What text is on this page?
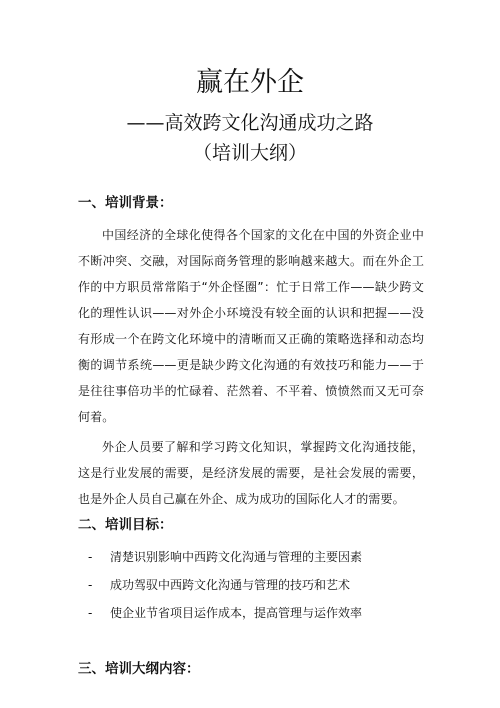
赢在外企
——高效跨文化沟通成功之路
（培训大纲）
一、培训背景：

中国经济的全球化使得各个国家的文化在中国的外资企业中不断冲突、交融，对国际商务管理的影响越来越大。而在外企工作的中方职员常常陷于“外企怪圈”：忙于日常工作——缺少跨文化的理性认识——对外企小环境没有较全面的认识和把握——没有形成一个在跨文化环境中的清晰而又正确的策略选择和动态均衡的调节系统——更是缺少跨文化沟通的有效技巧和能力——于是往往事倍功半的忙碌着、茫然着、不平着、愤愤然而又无可奈何着。

外企人员要了解和学习跨文化知识，掌握跨文化沟通技能，这是行业发展的需要，是经济发展的需要，是社会发展的需要，也是外企人员自己赢在外企、成为成功的国际化人才的需要。

二、培训目标：
-	清楚识别影响中西跨文化沟通与管理的主要因素
-	成功驾驭中西跨文化沟通与管理的技巧和艺术
-	使企业节省项目运作成本，提高管理与运作效率
三、培训大纲内容：
